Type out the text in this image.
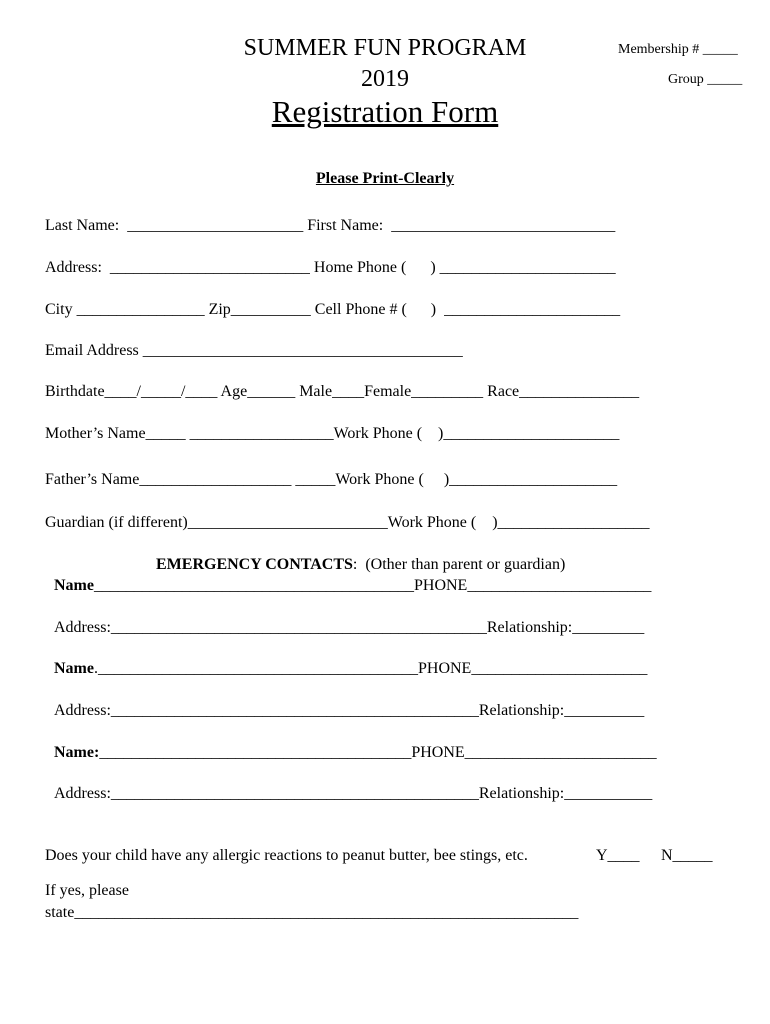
SUMMER FUN PROGRAM
2019
Registration Form
Membership # _____
Group _____
Please Print-Clearly
Last Name:  ______________________ First Name:  ____________________________
Address:  _________________________ Home Phone (      ) ______________________
City ________________ Zip__________ Cell Phone # (      )  ______________________
Email Address ________________________________________
Birthdate____/_____/____ Age______ Male____Female_________ Race_______________
Mother’s Name_____ __________________Work Phone (    )______________________
Father’s Name___________________ _____Work Phone (     )_____________________
Guardian (if different)_________________________Work Phone (    )___________________
EMERGENCY CONTACTS:  (Other than parent or guardian)
Name________________________________________PHONE_______________________
Address:_______________________________________________Relationship:_________
Name.________________________________________PHONE______________________
Address:______________________________________________Relationship:__________
Name:_______________________________________PHONE________________________
Address:______________________________________________Relationship:___________
Does your child have any allergic reactions to peanut butter, bee stings, etc.	Y____ N_____
If yes, please
state_______________________________________________________________
